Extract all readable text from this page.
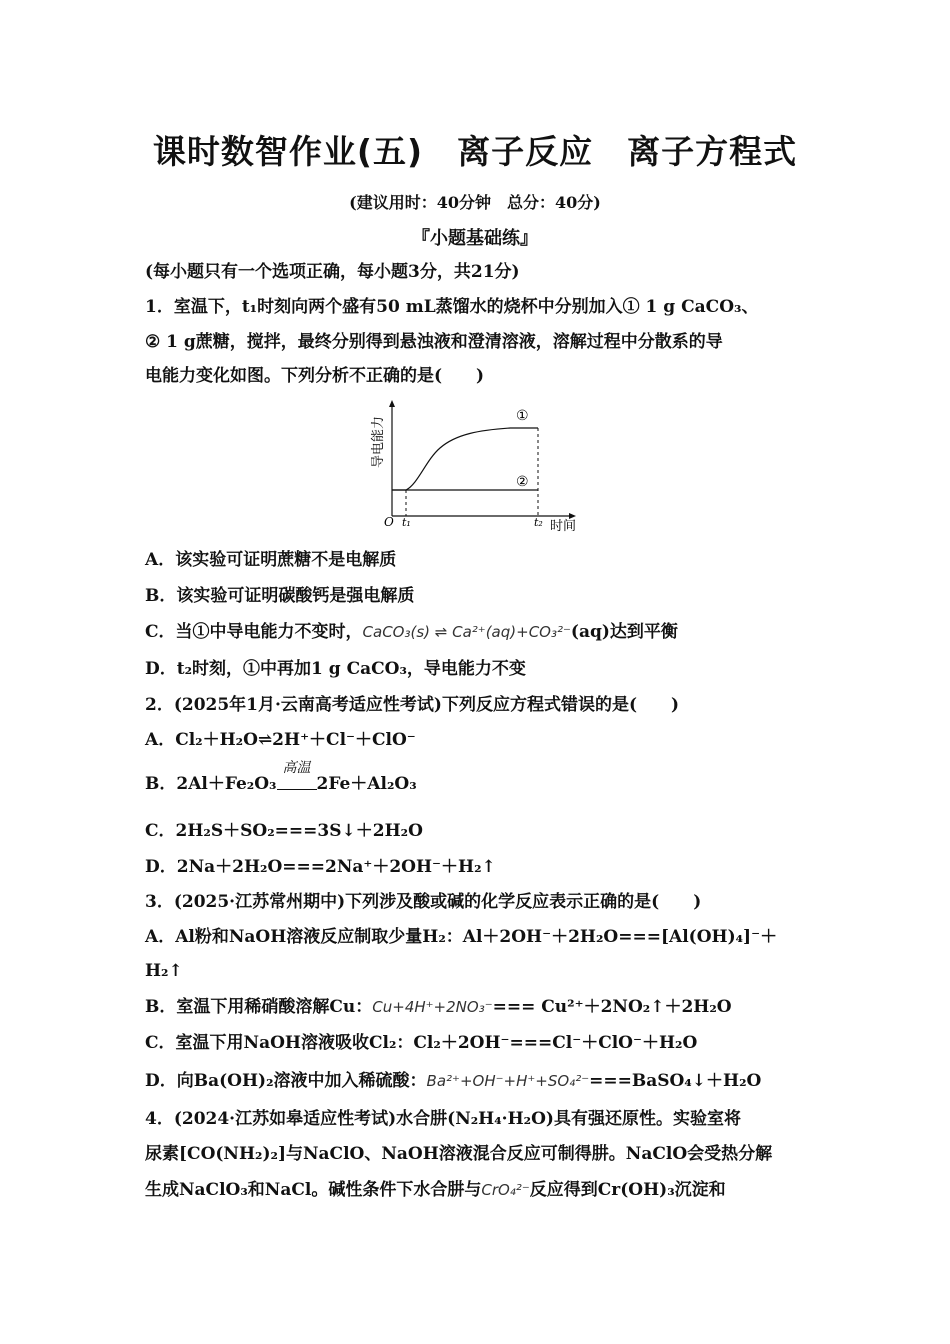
课时数智作业(五)　离子反应　离子方程式
(建议用时：40分钟　总分：40分)
『小题基础练』
(每小题只有一个选项正确，每小题3分，共21分)
1．室温下，t₁时刻向两个盛有50 mL蒸馏水的烧杯中分别加入① 1 g CaCO₃、
② 1 g蔗糖，搅拌，最终分别得到悬浊液和澄清溶液，溶解过程中分散系的导
电能力变化如图。下列分析不正确的是(　　)
①
②
O t₁	t₂ 时间
导电能力
A．该实验可证明蔗糖不是电解质
B．该实验可证明碳酸钙是强电解质
C．当①中导电能力不变时，CaCO₃(s) ⇌ Ca²⁺(aq)+CO₃²⁻(aq)达到平衡
D．t₂时刻，①中再加1 g CaCO₃，导电能力不变
2．(2025年1月·云南高考适应性考试)下列反应方程式错误的是(　　)
A．Cl₂＋H₂O⇌2H⁺＋Cl⁻＋ClO⁻
B．2Al＋Fe₂O₃
高温
2Fe＋Al₂O₃
C．2H₂S＋SO₂===3S↓＋2H₂O
D．2Na＋2H₂O===2Na⁺＋2OH⁻＋H₂↑
3．(2025·江苏常州期中)下列涉及酸或碱的化学反应表示正确的是(　　)
A．Al粉和NaOH溶液反应制取少量H₂：Al＋2OH⁻＋2H₂O===[Al(OH)₄]⁻＋
H₂↑
B．室温下用稀硝酸溶解Cu：Cu+4H⁺+2NO₃⁻=== Cu²⁺＋2NO₂↑＋2H₂O
C．室温下用NaOH溶液吸收Cl₂：Cl₂＋2OH⁻===Cl⁻＋ClO⁻＋H₂O
D．向Ba(OH)₂溶液中加入稀硫酸：Ba²⁺+OH⁻+H⁺+SO₄²⁻===BaSO₄↓＋H₂O
4．(2024·江苏如皋适应性考试)水合肼(N₂H₄·H₂O)具有强还原性。实验室将
尿素[CO(NH₂)₂]与NaClO、NaOH溶液混合反应可制得肼。NaClO会受热分解
生成NaClO₃和NaCl。碱性条件下水合肼与CrO₄²⁻反应得到Cr(OH)₃沉淀和
